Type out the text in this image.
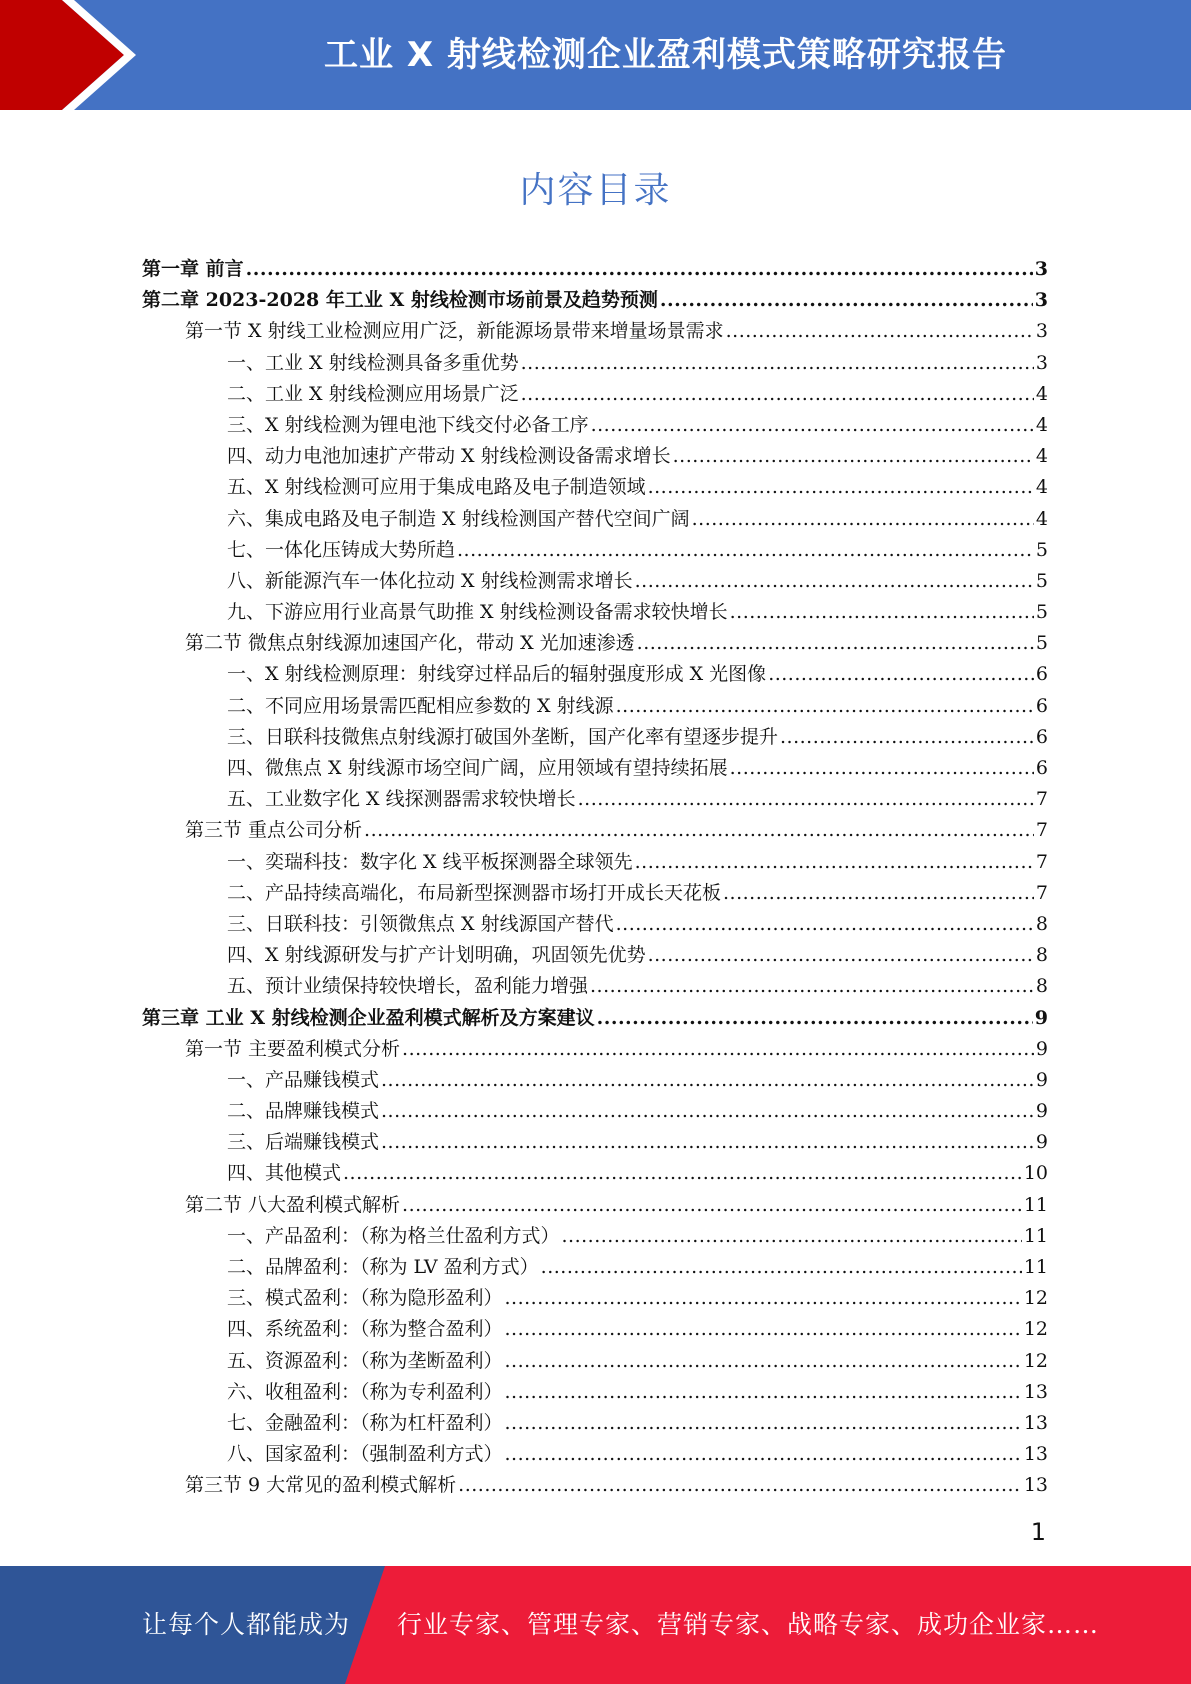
工业 X 射线检测企业盈利模式策略研究报告
内容目录
第一章 前言 .....	3
第二章 2023-2028 年工业 X 射线检测市场前景及趋势预测 .....	3
第一节 X 射线工业检测应用广泛，新能源场景带来增量场景需求 .....	3
一、工业 X 射线检测具备多重优势 .....	3
二、工业 X 射线检测应用场景广泛 .....	4
三、X 射线检测为锂电池下线交付必备工序 .....	4
四、动力电池加速扩产带动 X 射线检测设备需求增长 .....	4
五、X 射线检测可应用于集成电路及电子制造领域 .....	4
六、集成电路及电子制造 X 射线检测国产替代空间广阔 .....	4
七、一体化压铸成大势所趋 .....	5
八、新能源汽车一体化拉动 X 射线检测需求增长 .....	5
九、下游应用行业高景气助推 X 射线检测设备需求较快增长 .....	5
第二节 微焦点射线源加速国产化，带动 X 光加速渗透 .....	5
一、X 射线检测原理：射线穿过样品后的辐射强度形成 X 光图像 .....	6
二、不同应用场景需匹配相应参数的 X 射线源 .....	6
三、日联科技微焦点射线源打破国外垄断，国产化率有望逐步提升 .....	6
四、微焦点 X 射线源市场空间广阔，应用领域有望持续拓展 .....	6
五、工业数字化 X 线探测器需求较快增长 .....	7
第三节 重点公司分析 .....	7
一、奕瑞科技：数字化 X 线平板探测器全球领先 .....	7
二、产品持续高端化，布局新型探测器市场打开成长天花板 .....	7
三、日联科技：引领微焦点 X 射线源国产替代 .....	8
四、X 射线源研发与扩产计划明确，巩固领先优势 .....	8
五、预计业绩保持较快增长，盈利能力增强 .....	8
第三章 工业 X 射线检测企业盈利模式解析及方案建议 .....	9
第一节 主要盈利模式分析 .....	9
一、产品赚钱模式 .....	9
二、品牌赚钱模式 .....	9
三、后端赚钱模式 .....	9
四、其他模式 .....	10
第二节 八大盈利模式解析 .....	11
一、产品盈利：（称为格兰仕盈利方式） .....	11
二、品牌盈利：（称为 LV 盈利方式） .....	11
三、模式盈利：（称为隐形盈利） .....	12
四、系统盈利：（称为整合盈利） .....	12
五、资源盈利：（称为垄断盈利） .....	12
六、收租盈利：（称为专利盈利） .....	13
七、金融盈利：（称为杠杆盈利） .....	13
八、国家盈利：（强制盈利方式） .....	13
第三节 9 大常见的盈利模式解析 .....	13
1
让每个人都能成为 行业专家、管理专家、营销专家、战略专家、成功企业家……
